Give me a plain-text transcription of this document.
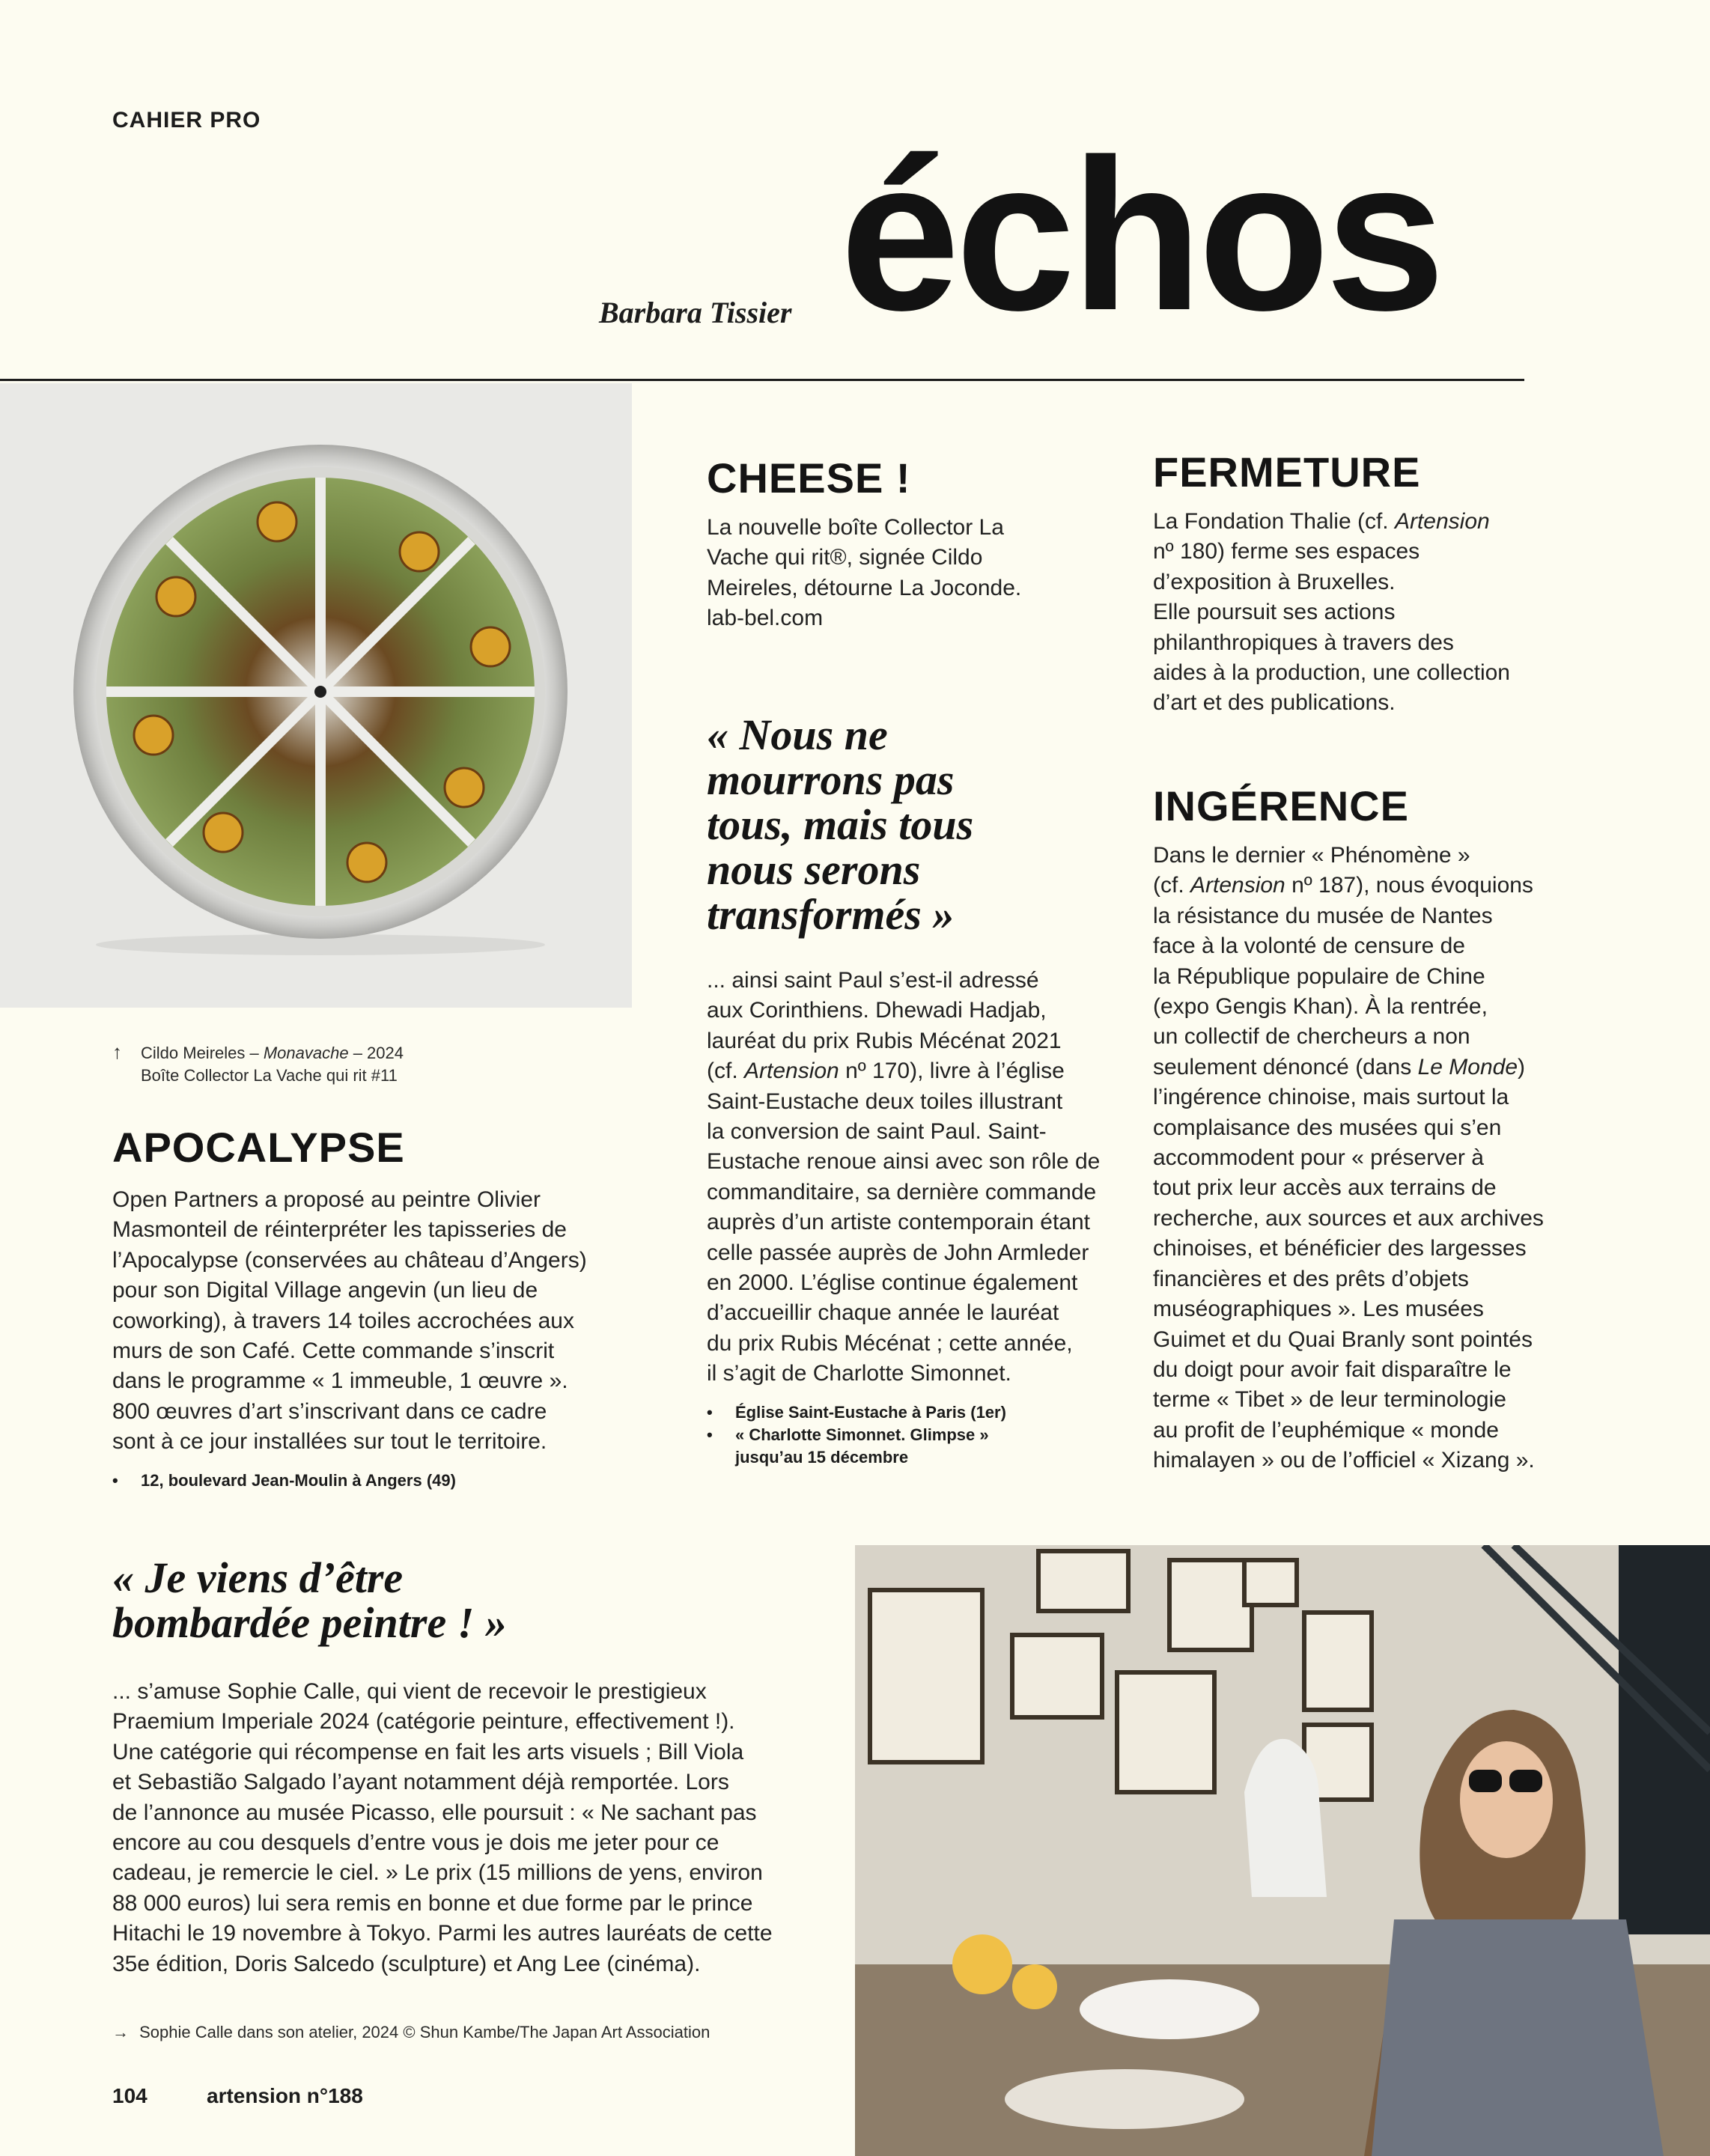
CAHIER PRO
Barbara Tissier échos
↑	Cildo Meireles – Monavache – 2024
Boîte Collector La Vache qui rit #11
APOCALYPSE
Open Partners a proposé au peintre Olivier
Masmonteil de réinterpréter les tapisseries de
l’Apocalypse (conservées au château d’Angers)
pour son Digital Village angevin (un lieu de
coworking), à travers 14 toiles accrochées aux
murs de son Café. Cette commande s’inscrit
dans le programme « 1 immeuble, 1 œuvre ».
800 œuvres d’art s’inscrivant dans ce cadre
sont à ce jour installées sur tout le territoire.
• 12, boulevard Jean-Moulin à Angers (49)
CHEESE !
La nouvelle boîte Collector La
Vache qui rit®, signée Cildo
Meireles, détourne La Joconde.
lab-bel.com
« Nous ne
mourrons pas
tous, mais tous
nous serons
transformés »
... ainsi saint Paul s’est-il adressé
aux Corinthiens. Dhewadi Hadjab,
lauréat du prix Rubis Mécénat 2021
(cf. Artension nº 170), livre à l’église
Saint-Eustache deux toiles illustrant
la conversion de saint Paul. Saint-
Eustache renoue ainsi avec son rôle de
commanditaire, sa dernière commande
auprès d’un artiste contemporain étant
celle passée auprès de John Armleder
en 2000. L’église continue également
d’accueillir chaque année le lauréat
du prix Rubis Mécénat ; cette année,
il s’agit de Charlotte Simonnet.
• Église Saint-Eustache à Paris (1er)
• « Charlotte Simonnet. Glimpse »
jusqu’au 15 décembre
FERMETURE
La Fondation Thalie (cf. Artension
nº 180) ferme ses espaces
d’exposition à Bruxelles.
Elle poursuit ses actions
philanthropiques à travers des
aides à la production, une collection
d’art et des publications.
INGÉRENCE
Dans le dernier « Phénomène »
(cf. Artension nº 187), nous évoquions
la résistance du musée de Nantes
face à la volonté de censure de
la République populaire de Chine
(expo Gengis Khan). À la rentrée,
un collectif de chercheurs a non
seulement dénoncé (dans Le Monde)
l’ingérence chinoise, mais surtout la
complaisance des musées qui s’en
accommodent pour « préserver à
tout prix leur accès aux terrains de
recherche, aux sources et aux archives
chinoises, et bénéficier des largesses
financières et des prêts d’objets
muséographiques ». Les musées
Guimet et du Quai Branly sont pointés
du doigt pour avoir fait disparaître le
terme « Tibet » de leur terminologie
au profit de l’euphémique « monde
himalayen » ou de l’officiel « Xizang ».
« Je viens d’être
bombardée peintre ! »
... s’amuse Sophie Calle, qui vient de recevoir le prestigieux
Praemium Imperiale 2024 (catégorie peinture, effectivement !).
Une catégorie qui récompense en fait les arts visuels ; Bill Viola
et Sebastião Salgado l’ayant notamment déjà remportée. Lors
de l’annonce au musée Picasso, elle poursuit : « Ne sachant pas
encore au cou desquels d’entre vous je dois me jeter pour ce
cadeau, je remercie le ciel. » Le prix (15 millions de yens, environ
88 000 euros) lui sera remis en bonne et due forme par le prince
Hitachi le 19 novembre à Tokyo. Parmi les autres lauréats de cette
35e édition, Doris Salcedo (sculpture) et Ang Lee (cinéma).
→ Sophie Calle dans son atelier, 2024 © Shun Kambe/The Japan Art Association
104	artension n°188
